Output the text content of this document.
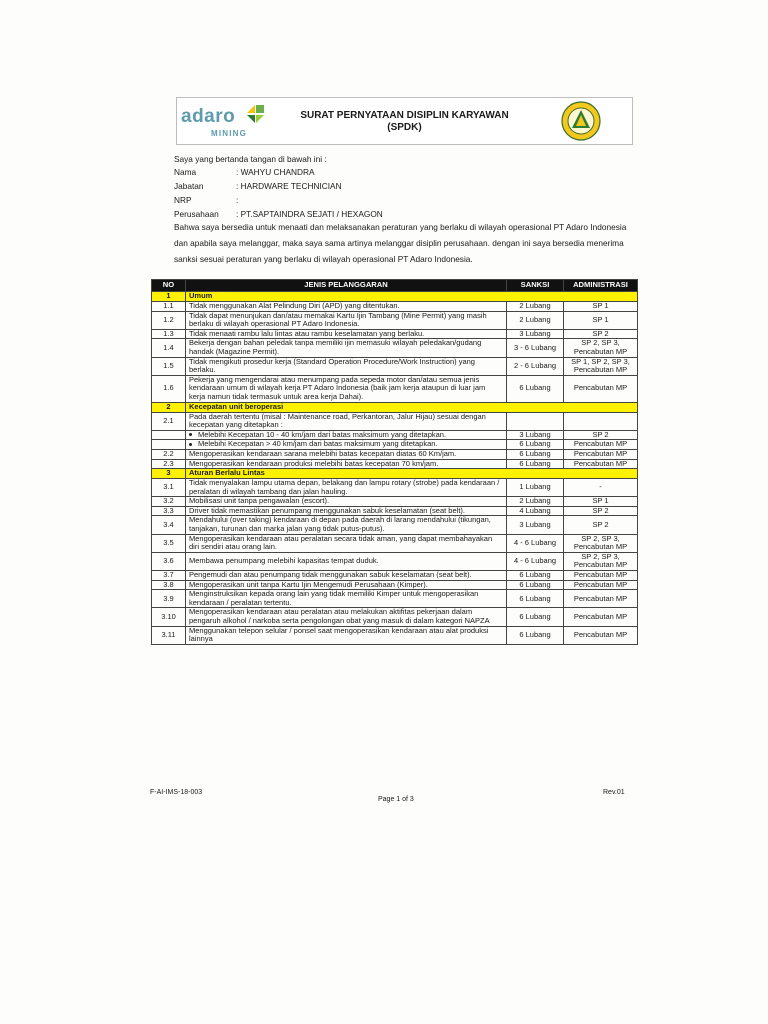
adaro
MINING
SURAT PERNYATAAN DISIPLIN KARYAWAN
(SPDK)
Saya yang bertanda tangan di bawah ini :
Nama	: WAHYU CHANDRA
Jabatan	: HARDWARE TECHNICIAN
NRP	:
Perusahaan : PT.SAPTAINDRA SEJATI / HEXAGON
Bahwa saya bersedia untuk menaati dan melaksanakan peraturan yang berlaku di wilayah operasional PT Adaro Indonesia
dan apabila saya melanggar, maka saya sama artinya melanggar disiplin perusahaan. dengan ini saya bersedia menerima
sanksi sesuai peraturan yang berlaku di wilayah operasional PT Adaro Indonesia.
NO	JENIS PELANGGARAN	SANKSI	ADMINISTRASI
1	Umum		
1.1	Tidak menggunakan Alat Pelindung Diri (APD) yang ditentukan.	2 Lubang	SP 1
1.2	Tidak dapat menunjukan dan/atau memakai Kartu Ijin Tambang (Mine Permit) yang masih berlaku di wilayah operasional PT Adaro Indonesia.	2 Lubang	SP 1
1.3	Tidak menaati rambu lalu lintas atau rambu keselamatan yang berlaku.	3 Lubang	SP 2
1.4	Bekerja dengan bahan peledak tanpa memiliki ijin memasuki wilayah peledakan/gudang handak (Magazine Permit).	3 - 6 Lubang	SP 2, SP 3, Pencabutan MP
1.5	Tidak mengikuti prosedur kerja (Standard Operation Procedure/Work Instruction) yang berlaku.	2 - 6 Lubang	SP 1, SP 2, SP 3, Pencabutan MP
1.6	Pekerja yang mengendarai atau menumpang pada sepeda motor dan/atau semua jenis kendaraan umum di wilayah kerja PT Adaro Indonesia (baik jam kerja ataupun di luar jam kerja namun tidak termasuk untuk area kerja Dahai).	6 Lubang	Pencabutan MP
2	Kecepatan unit beroperasi		
2.1	Pada daerah tertentu (misal : Maintenance road, Perkantoran, Jalur Hijau) sesuai dengan kecepatan yang ditetapkan :		
	Melebihi Kecepatan 10 - 40 km/jam dari batas maksimum yang ditetapkan.	3 Lubang	SP 2
	Melebihi Kecepatan > 40 km/jam dari batas maksimum yang ditetapkan.	6 Lubang	Pencabutan MP
2.2	Mengoperasikan kendaraan sarana melebihi batas kecepatan diatas 60 Km/jam.	6 Lubang	Pencabutan MP
2.3	Mengoperasikan kendaraan produksi melebihi batas kecepatan 70 km/jam.	6 Lubang	Pencabutan MP
3	Aturan Berlalu Lintas		
3.1	Tidak menyalakan lampu utama depan, belakang dan lampu rotary (strobe) pada kendaraan / peralatan di wilayah tambang dan jalan hauling.	1 Lubang	-
3.2	Mobilisasi unit tanpa pengawalan (escort).	2 Lubang	SP 1
3.3	Driver tidak memastikan penumpang menggunakan sabuk keselamatan (seat belt).	4 Lubang	SP 2
3.4	Mendahului (over taking) kendaraan di depan pada daerah di larang mendahului (tikungan, tanjakan, turunan dan marka jalan yang tidak putus-putus).	3 Lubang	SP 2
3.5	Mengoperasikan kendaraan atau peralatan secara tidak aman, yang dapat membahayakan diri sendiri atau orang lain.	4 - 6 Lubang	SP 2, SP 3, Pencabutan MP
3.6	Membawa penumpang melebihi kapasitas tempat duduk.	4 - 6 Lubang	SP 2, SP 3, Pencabutan MP
3.7	Pengemudi dan atau penumpang tidak menggunakan sabuk keselamatan (seat belt).	6 Lubang	Pencabutan MP
3.8	Mengoperasikan unit tanpa Kartu Ijin Mengemudi Perusahaan (Kimper).	6 Lubang	Pencabutan MP
3.9	Menginstruksikan kepada orang lain yang tidak memiliki Kimper untuk mengoperasikan kendaraan / peralatan tertentu.	6 Lubang	Pencabutan MP
3.10	Mengoperasikan kendaraan atau peralatan atau melakukan aktifitas pekerjaan dalam pengaruh alkohol / narkoba serta pengolongan obat yang masuk di dalam kategori NAPZA	6 Lubang	Pencabutan MP
3.11	Menggunakan telepon selular / ponsel saat mengoperasikan kendaraan atau alat produksi lainnya	6 Lubang	Pencabutan MP
F-AI-IMS-18-003
Page 1 of 3
Rev.01
